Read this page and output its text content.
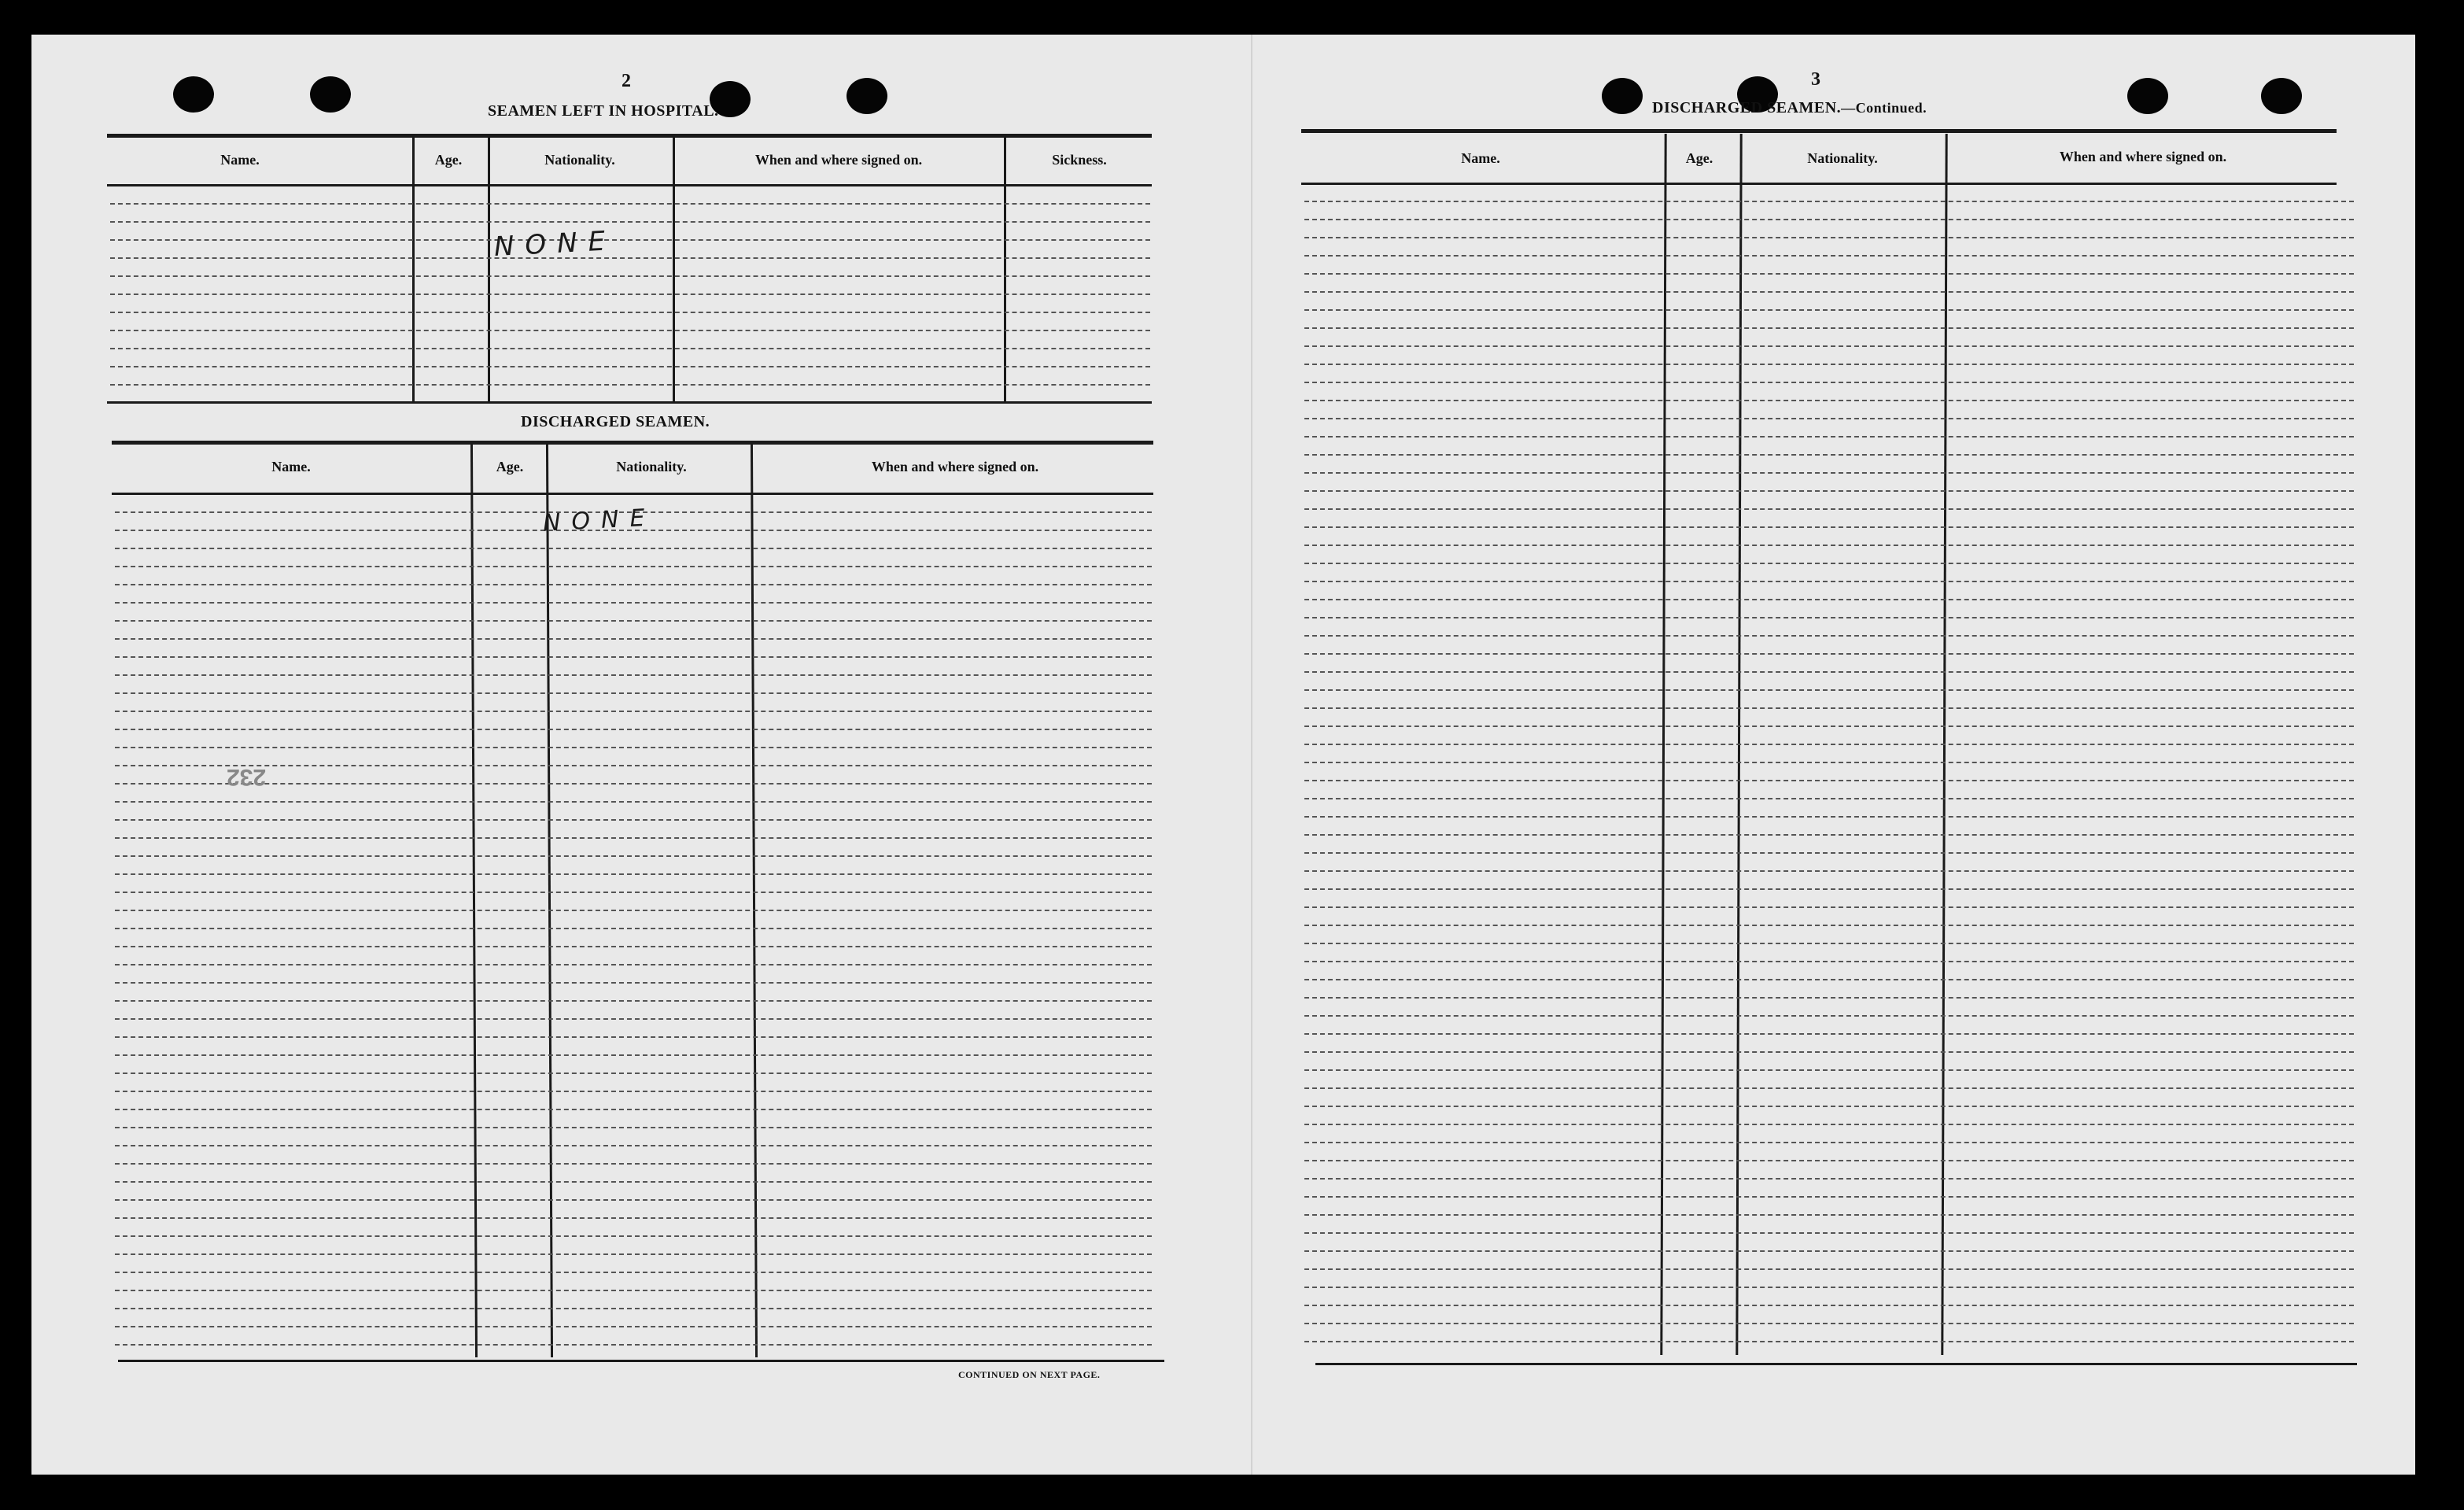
2
SEAMEN LEFT IN HOSPITAL.
Name.	Age.	Nationality.	When and where signed on.	Sickness.
NONE
DISCHARGED SEAMEN.
Name.	Age.	Nationality.	When and where signed on.
NONE
232
CONTINUED ON NEXT PAGE.
3
DISCHARGED SEAMEN.—Continued.
Name.	Age.	Nationality.	When and where signed on.
